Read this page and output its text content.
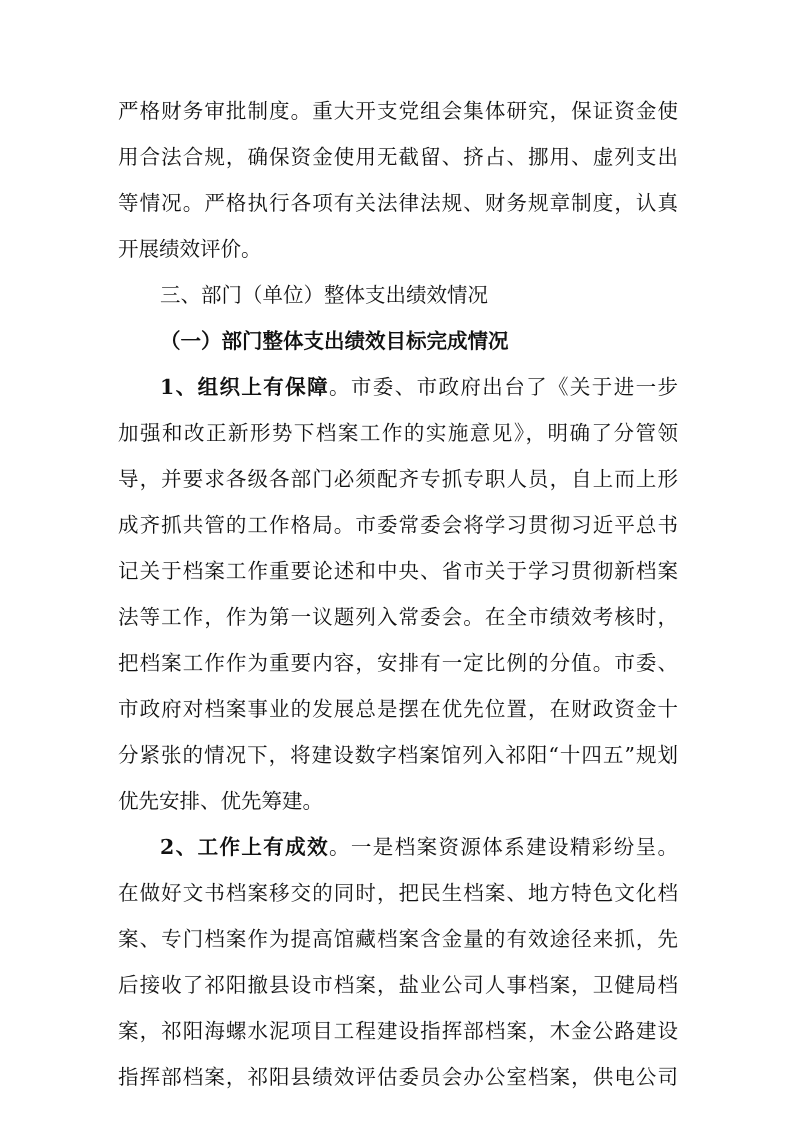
严格财务审批制度。重大开支党组会集体研究，保证资金使
用合法合规，确保资金使用无截留、挤占、挪用、虚列支出
等情况。严格执行各项有关法律法规、财务规章制度，认真
开展绩效评价。
三、部门（单位）整体支出绩效情况
（一）部门整体支出绩效目标完成情况
1、组织上有保障。市委、市政府出台了《关于进一步
加强和改正新形势下档案工作的实施意见》，明确了分管领
导，并要求各级各部门必须配齐专抓专职人员，自上而上形
成齐抓共管的工作格局。市委常委会将学习贯彻习近平总书
记关于档案工作重要论述和中央、省市关于学习贯彻新档案
法等工作，作为第一议题列入常委会。在全市绩效考核时，
把档案工作作为重要内容，安排有一定比例的分值。市委、
市政府对档案事业的发展总是摆在优先位置，在财政资金十
分紧张的情况下，将建设数字档案馆列入祁阳“十四五”规划
优先安排、优先筹建。
2、工作上有成效。一是档案资源体系建设精彩纷呈。
在做好文书档案移交的同时，把民生档案、地方特色文化档
案、专门档案作为提高馆藏档案含金量的有效途径来抓，先
后接收了祁阳撤县设市档案，盐业公司人事档案，卫健局档
案，祁阳海螺水泥项目工程建设指挥部档案，木金公路建设
指挥部档案，祁阳县绩效评估委员会办公室档案，供电公司
